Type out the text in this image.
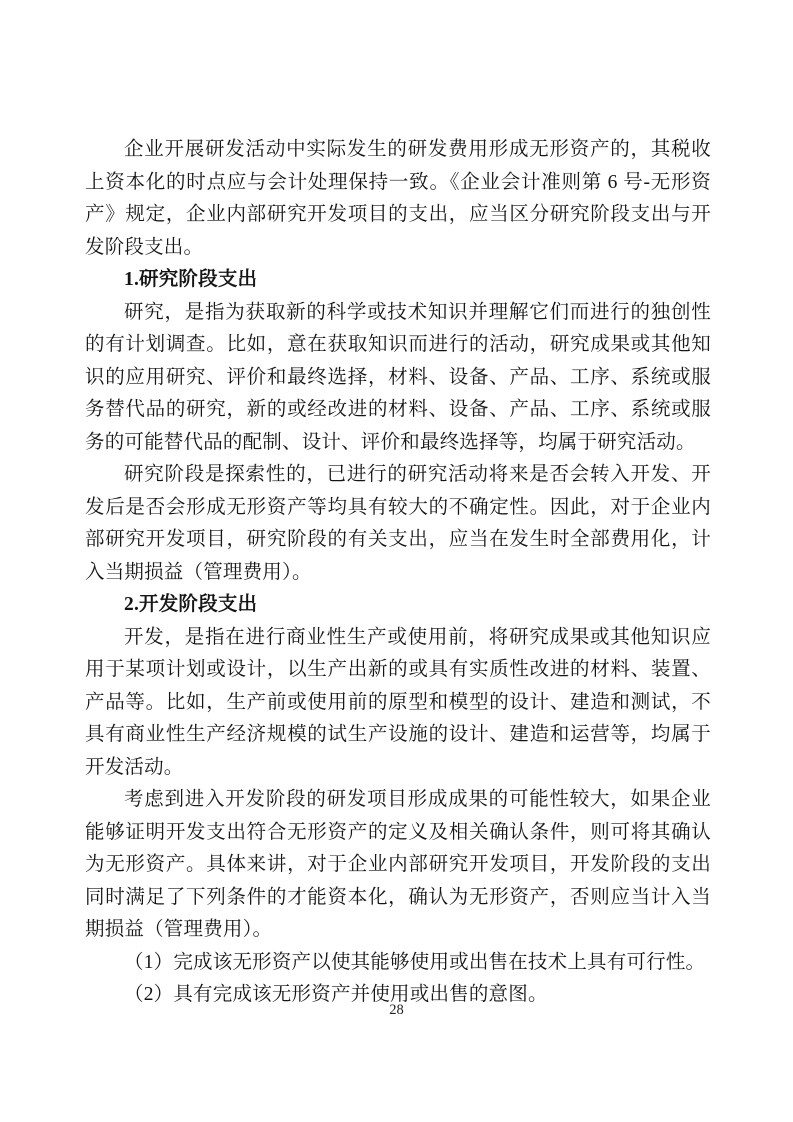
企业开展研发活动中实际发生的研发费用形成无形资产的，其税收上资本化的时点应与会计处理保持一致。《企业会计准则第 6 号-无形资产》规定，企业内部研究开发项目的支出，应当区分研究阶段支出与开发阶段支出。

1.研究阶段支出

研究，是指为获取新的科学或技术知识并理解它们而进行的独创性的有计划调查。比如，意在获取知识而进行的活动，研究成果或其他知识的应用研究、评价和最终选择，材料、设备、产品、工序、系统或服务替代品的研究，新的或经改进的材料、设备、产品、工序、系统或服务的可能替代品的配制、设计、评价和最终选择等，均属于研究活动。

研究阶段是探索性的，已进行的研究活动将来是否会转入开发、开发后是否会形成无形资产等均具有较大的不确定性。因此，对于企业内部研究开发项目，研究阶段的有关支出，应当在发生时全部费用化，计入当期损益（管理费用）。

2.开发阶段支出

开发，是指在进行商业性生产或使用前，将研究成果或其他知识应用于某项计划或设计，以生产出新的或具有实质性改进的材料、装置、产品等。比如，生产前或使用前的原型和模型的设计、建造和测试，不具有商业性生产经济规模的试生产设施的设计、建造和运营等，均属于开发活动。

考虑到进入开发阶段的研发项目形成成果的可能性较大，如果企业能够证明开发支出符合无形资产的定义及相关确认条件，则可将其确认为无形资产。具体来讲，对于企业内部研究开发项目，开发阶段的支出同时满足了下列条件的才能资本化，确认为无形资产，否则应当计入当期损益（管理费用）。

（1）完成该无形资产以使其能够使用或出售在技术上具有可行性。

（2）具有完成该无形资产并使用或出售的意图。

28
